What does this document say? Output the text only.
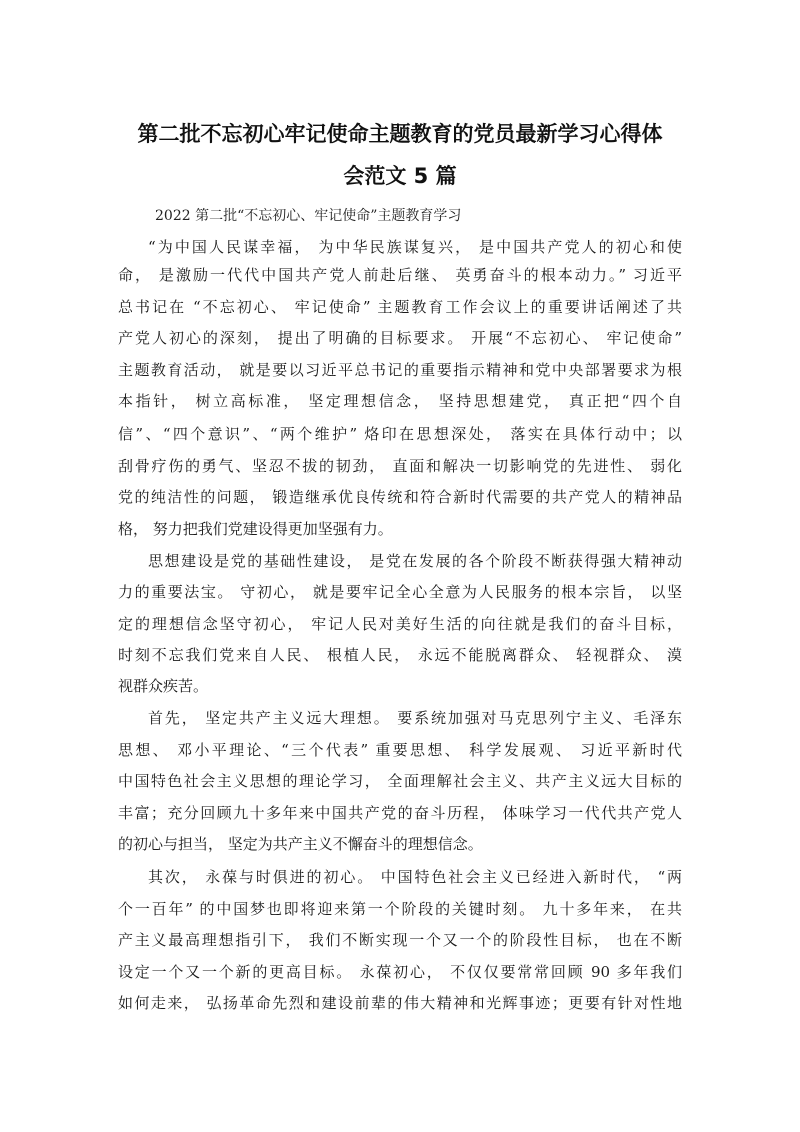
第二批不忘初心牢记使命主题教育的党员最新学习心得体
会范文 5 篇
2022 第二批“不忘初心、牢记使命”主题教育学习
“为中国人民谋幸福， 为中华民族谋复兴， 是中国共产党人的初心和使
命， 是激励一代代中国共产党人前赴后继、 英勇奋斗的根本动力。” 习近平
总书记在 “不忘初心、 牢记使命” 主题教育工作会议上的重要讲话阐述了共
产党人初心的深刻， 提出了明确的目标要求。 开展“不忘初心、 牢记使命”
主题教育活动， 就是要以习近平总书记的重要指示精神和党中央部署要求为根
本指针， 树立高标准， 坚定理想信念， 坚持思想建党， 真正把“四个自
信”、“四个意识”、“两个维护” 烙印在思想深处， 落实在具体行动中；以
刮骨疗伤的勇气、坚忍不拔的韧劲， 直面和解决一切影响党的先进性、 弱化
党的纯洁性的问题， 锻造继承优良传统和符合新时代需要的共产党人的精神品
格， 努力把我们党建设得更加坚强有力。
思想建设是党的基础性建设， 是党在发展的各个阶段不断获得强大精神动
力的重要法宝。 守初心， 就是要牢记全心全意为人民服务的根本宗旨， 以坚
定的理想信念坚守初心， 牢记人民对美好生活的向往就是我们的奋斗目标，
时刻不忘我们党来自人民、 根植人民， 永远不能脱离群众、 轻视群众、 漠
视群众疾苦。
首先， 坚定共产主义远大理想。 要系统加强对马克思列宁主义、毛泽东
思想、 邓小平理论、“三个代表” 重要思想、 科学发展观、 习近平新时代
中国特色社会主义思想的理论学习， 全面理解社会主义、共产主义远大目标的
丰富；充分回顾九十多年来中国共产党的奋斗历程， 体味学习一代代共产党人
的初心与担当， 坚定为共产主义不懈奋斗的理想信念。
其次， 永葆与时俱进的初心。 中国特色社会主义已经进入新时代， “两
个一百年” 的中国梦也即将迎来第一个阶段的关键时刻。 九十多年来， 在共
产主义最高理想指引下， 我们不断实现一个又一个的阶段性目标， 也在不断
设定一个又一个新的更高目标。 永葆初心， 不仅仅要常常回顾 90 多年我们
如何走来， 弘扬革命先烈和建设前辈的伟大精神和光辉事迹；更要有针对性地
